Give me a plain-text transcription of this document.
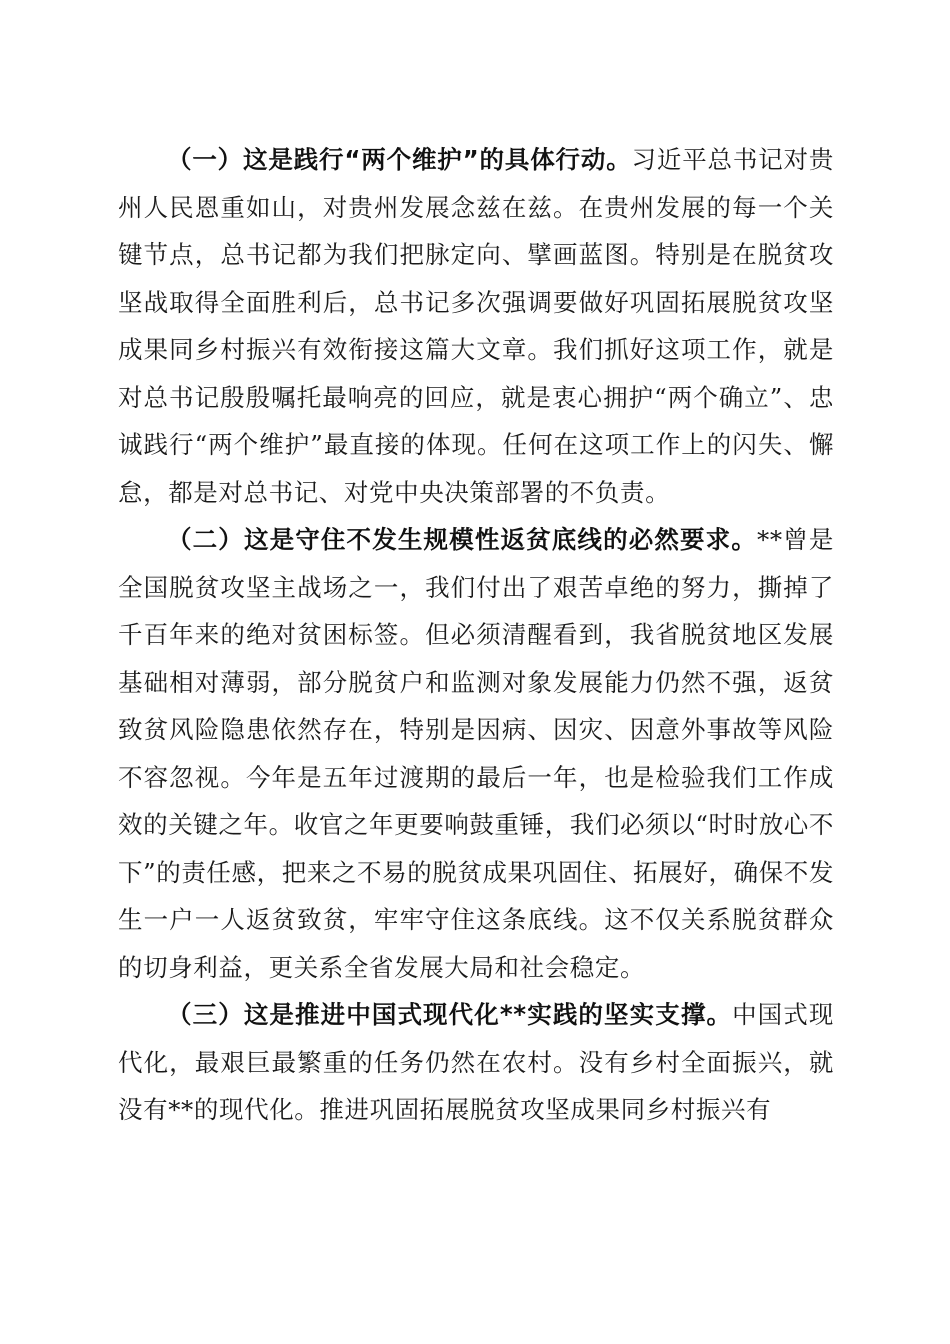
（一）这是践行“两个维护”的具体行动。习近平总书记对贵州人民恩重如山，对贵州发展念兹在兹。在贵州发展的每一个关键节点，总书记都为我们把脉定向、擘画蓝图。特别是在脱贫攻坚战取得全面胜利后，总书记多次强调要做好巩固拓展脱贫攻坚成果同乡村振兴有效衔接这篇大文章。我们抓好这项工作，就是对总书记殷殷嘱托最响亮的回应，就是衷心拥护“两个确立”、忠诚践行“两个维护”最直接的体现。任何在这项工作上的闪失、懈怠，都是对总书记、对党中央决策部署的不负责。

（二）这是守住不发生规模性返贫底线的必然要求。**曾是全国脱贫攻坚主战场之一，我们付出了艰苦卓绝的努力，撕掉了千百年来的绝对贫困标签。但必须清醒看到，我省脱贫地区发展基础相对薄弱，部分脱贫户和监测对象发展能力仍然不强，返贫致贫风险隐患依然存在，特别是因病、因灾、因意外事故等风险不容忽视。今年是五年过渡期的最后一年，也是检验我们工作成效的关键之年。收官之年更要响鼓重锤，我们必须以“时时放心不下”的责任感，把来之不易的脱贫成果巩固住、拓展好，确保不发生一户一人返贫致贫，牢牢守住这条底线。这不仅关系脱贫群众的切身利益，更关系全省发展大局和社会稳定。

（三）这是推进中国式现代化**实践的坚实支撑。中国式现代化，最艰巨最繁重的任务仍然在农村。没有乡村全面振兴，就没有**的现代化。推进巩固拓展脱贫攻坚成果同乡村振兴有
